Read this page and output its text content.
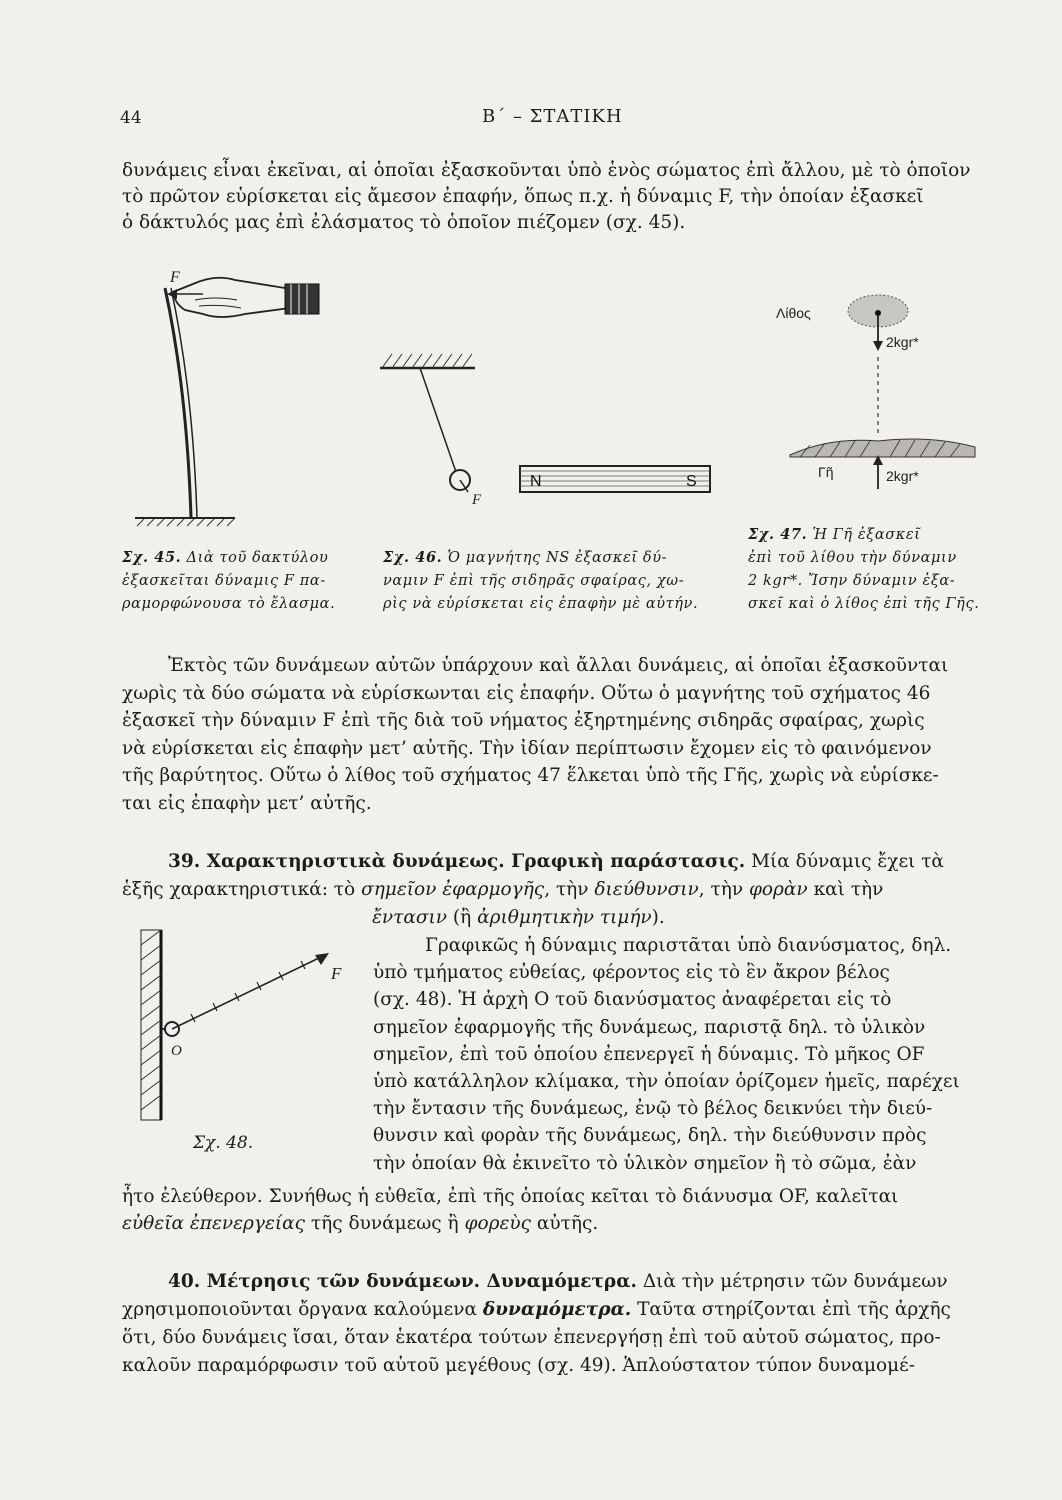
44	Β΄ – ΣΤΑΤΙΚΗ

δυνάμεις εἶναι ἐκεῖναι, αἱ ὁποῖαι ἐξασκοῦνται ὑπὸ ἑνὸς σώματος ἐπὶ ἄλλου, μὲ τὸ ὁποῖον

τὸ πρῶτον εὑρίσκεται εἰς ἄμεσον ἐπαφήν, ὅπως π.χ. ἡ δύναμις F, τὴν ὁποίαν ἐξασκεῖ

ὁ δάκτυλός μας ἐπὶ ἐλάσματος τὸ ὁποῖον πιέζομεν (σχ. 45).

F
F
N	S
Λίθος
2kgr*
Γῆ	2kgr*
Σχ. 45. Διὰ τοῦ δακτύλου
ἐξασκεῖται δύναμις F πα-
ραμορφώνουσα τὸ ἔλασμα.
Σχ. 46. Ὁ μαγνήτης NS ἐξασκεῖ δύ-
ναμιν F ἐπὶ τῆς σιδηρᾶς σφαίρας, χω-
ρὶς νὰ εὑρίσκεται εἰς ἐπαφὴν μὲ αὐτήν.
Σχ. 47. Ἡ Γῆ ἐξασκεῖ
ἐπὶ τοῦ λίθου τὴν δύναμιν
2 kgr*. Ἴσην δύναμιν ἐξα-
σκεῖ καὶ ὁ λίθος ἐπὶ τῆς Γῆς.

Ἐκτὸς τῶν δυνάμεων αὐτῶν ὑπάρχουν καὶ ἄλλαι δυνάμεις, αἱ ὁποῖαι ἐξασκοῦνται

χωρὶς τὰ δύο σώματα νὰ εὑρίσκωνται εἰς ἐπαφήν. Οὕτω ὁ μαγνήτης τοῦ σχήματος 46

ἐξασκεῖ τὴν δύναμιν F ἐπὶ τῆς διὰ τοῦ νήματος ἐξηρτημένης σιδηρᾶς σφαίρας, χωρὶς

νὰ εὑρίσκεται εἰς ἐπαφὴν μετ’ αὐτῆς. Τὴν ἰδίαν περίπτωσιν ἔχομεν εἰς τὸ φαινόμενον

τῆς βαρύτητος. Οὕτω ὁ λίθος τοῦ σχήματος 47 ἕλκεται ὑπὸ τῆς Γῆς, χωρὶς νὰ εὑρίσκε-

ται εἰς ἐπαφὴν μετ’ αὐτῆς.

39. Χαρακτηριστικὰ δυνάμεως. Γραφικὴ παράστασις. Μία δύναμις ἔχει τὰ

ἑξῆς χαρακτηριστικά: τὸ σημεῖον ἐφαρμογῆς, τὴν διεύθυνσιν, τὴν φορὰν καὶ τὴν

ἔντασιν (ἢ ἀριθμητικὴν τιμήν).

F
O
Σχ. 48.
Γραφικῶς ἡ δύναμις παριστᾶται ὑπὸ διανύσματος, δηλ.
ὑπὸ τμήματος εὐθείας, φέροντος εἰς τὸ ἓν ἄκρον βέλος
(σχ. 48). Ἡ ἀρχὴ O τοῦ διανύσματος ἀναφέρεται εἰς τὸ
σημεῖον ἐφαρμογῆς τῆς δυνάμεως, παριστᾷ δηλ. τὸ ὑλικὸν
σημεῖον, ἐπὶ τοῦ ὁποίου ἐπενεργεῖ ἡ δύναμις. Τὸ μῆκος OF
ὑπὸ κατάλληλον κλίμακα, τὴν ὁποίαν ὁρίζομεν ἡμεῖς, παρέχει
τὴν ἔντασιν τῆς δυνάμεως, ἐνῷ τὸ βέλος δεικνύει τὴν διεύ-
θυνσιν καὶ φορὰν τῆς δυνάμεως, δηλ. τὴν διεύθυνσιν πρὸς
τὴν ὁποίαν θὰ ἐκινεῖτο τὸ ὑλικὸν σημεῖον ἢ τὸ σῶμα, ἐὰν

ἦτο ἐλεύθερον. Συνήθως ἡ εὐθεῖα, ἐπὶ τῆς ὁποίας κεῖται τὸ διάνυσμα OF, καλεῖται

εὐθεῖα ἐπενεργείας τῆς δυνάμεως ἢ φορεὺς αὐτῆς.

40. Μέτρησις τῶν δυνάμεων. Δυναμόμετρα. Διὰ τὴν μέτρησιν τῶν δυνάμεων

χρησιμοποιοῦνται ὄργανα καλούμενα δυναμόμετρα. Ταῦτα στηρίζονται ἐπὶ τῆς ἀρχῆς

ὅτι, δύο δυνάμεις ἴσαι, ὅταν ἑκατέρα τούτων ἐπενεργήσῃ ἐπὶ τοῦ αὐτοῦ σώματος, προ-

καλοῦν παραμόρφωσιν τοῦ αὐτοῦ μεγέθους (σχ. 49). Ἁπλούστατον τύπον δυναμομέ-
